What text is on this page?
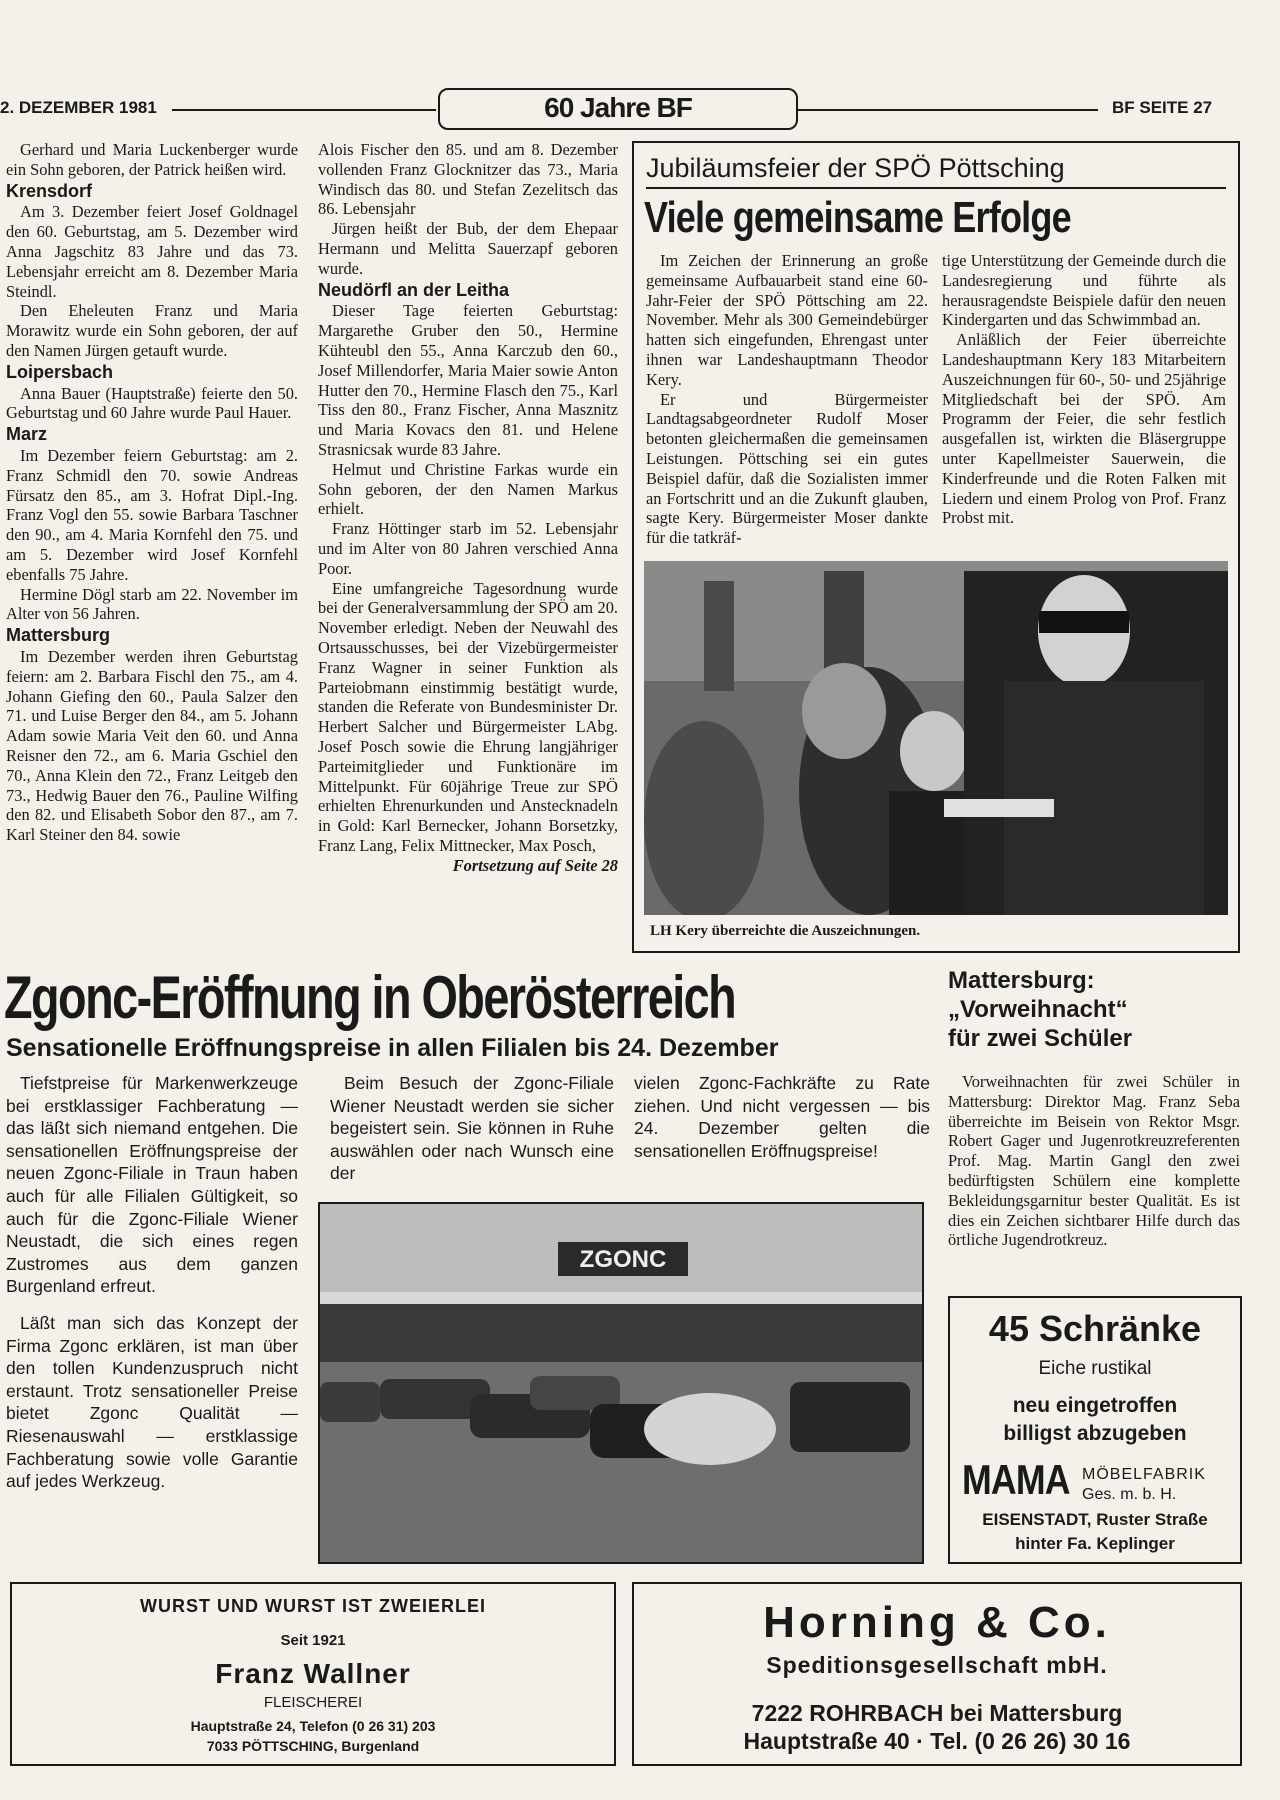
2. DEZEMBER 1981	60 Jahre BF	BF SEITE 27

Gerhard und Maria Luckenberger wurde ein Sohn geboren, der Patrick heißen wird.

Krensdorf

Am 3. Dezember feiert Josef Goldnagel den 60. Geburtstag, am 5. Dezember wird Anna Jagschitz 83 Jahre und das 73. Lebensjahr erreicht am 8. Dezember Maria Steindl.

Den Eheleuten Franz und Maria Morawitz wurde ein Sohn geboren, der auf den Namen Jürgen getauft wurde.

Loipersbach

Anna Bauer (Hauptstraße) feierte den 50. Geburtstag und 60 Jahre wurde Paul Hauer.

Marz

Im Dezember feiern Geburtstag: am 2. Franz Schmidl den 70. sowie Andreas Fürsatz den 85., am 3. Hofrat Dipl.-Ing. Franz Vogl den 55. sowie Barbara Taschner den 90., am 4. Maria Kornfehl den 75. und am 5. Dezember wird Josef Kornfehl ebenfalls 75 Jahre.

Hermine Dögl starb am 22. November im Alter von 56 Jahren.

Mattersburg

Im Dezember werden ihren Geburtstag feiern: am 2. Barbara Fischl den 75., am 4. Johann Giefing den 60., Paula Salzer den 71. und Luise Berger den 84., am 5. Johann Adam sowie Maria Veit den 60. und Anna Reisner den 72., am 6. Maria Gschiel den 70., Anna Klein den 72., Franz Leitgeb den 73., Hedwig Bauer den 76., Pauline Wilfing den 82. und Elisabeth Sobor den 87., am 7. Karl Steiner den 84. sowie

Alois Fischer den 85. und am 8. Dezember vollenden Franz Glocknitzer das 73., Maria Windisch das 80. und Stefan Zezelitsch das 86. Lebensjahr

Jürgen heißt der Bub, der dem Ehepaar Hermann und Melitta Sauerzapf geboren wurde.

Neudörfl an der Leitha

Dieser Tage feierten Geburtstag: Margarethe Gruber den 50., Hermine Kühteubl den 55., Anna Karczub den 60., Josef Millendorfer, Maria Maier sowie Anton Hutter den 70., Hermine Flasch den 75., Karl Tiss den 80., Franz Fischer, Anna Masznitz und Maria Kovacs den 81. und Helene Strasnicsak wurde 83 Jahre.

Helmut und Christine Farkas wurde ein Sohn geboren, der den Namen Markus erhielt.

Franz Höttinger starb im 52. Lebensjahr und im Alter von 80 Jahren verschied Anna Poor.

Eine umfangreiche Tagesordnung wurde bei der Generalversammlung der SPÖ am 20. November erledigt. Neben der Neuwahl des Ortsausschusses, bei der Vizebürgermeister Franz Wagner in seiner Funktion als Parteiobmann einstimmig bestätigt wurde, standen die Referate von Bundesminister Dr. Herbert Salcher und Bürgermeister LAbg. Josef Posch sowie die Ehrung langjähriger Parteimitglieder und Funktionäre im Mittelpunkt. Für 60jährige Treue zur SPÖ erhielten Ehrenurkunden und Anstecknadeln in Gold: Karl Bernecker, Johann Borsetzky, Franz Lang, Felix Mittnecker, Max Posch,

Fortsetzung auf Seite 28
Jubiläumsfeier der SPÖ Pöttsching
Viele gemeinsame Erfolge

Im Zeichen der Erinnerung an große gemeinsame Aufbauarbeit stand eine 60-Jahr-Feier der SPÖ Pöttsching am 22. November. Mehr als 300 Gemeindebürger hatten sich eingefunden, Ehrengast unter ihnen war Landeshauptmann Theodor Kery.

Er und Bürgermeister Landtagsabgeordneter Rudolf Moser betonten gleichermaßen die gemeinsamen Leistungen. Pöttsching sei ein gutes Beispiel dafür, daß die Sozialisten immer an Fortschritt und an die Zukunft glauben, sagte Kery. Bürgermeister Moser dankte für die tatkräf-

tige Unterstützung der Gemeinde durch die Landesregierung und führte als herausragendste Beispiele dafür den neuen Kindergarten und das Schwimmbad an.

Anläßlich der Feier überreichte Landeshauptmann Kery 183 Mitarbeitern Auszeichnungen für 60-, 50- und 25jährige Mitgliedschaft bei der SPÖ. Am Programm der Feier, die sehr festlich ausgefallen ist, wirkten die Bläsergruppe unter Kapellmeister Sauerwein, die Kinderfreunde und die Roten Falken mit Liedern und einem Prolog von Prof. Franz Probst mit.

LH Kery überreichte die Auszeichnungen.
Zgonc-Eröffnung in Oberösterreich
Sensationelle Eröffnungspreise in allen Filialen bis 24. Dezember

Tiefstpreise für Markenwerkzeuge bei erstklassiger Fachberatung — das läßt sich niemand entgehen. Die sensationellen Eröffnungspreise der neuen Zgonc-Filiale in Traun haben auch für alle Filialen Gültigkeit, so auch für die Zgonc-Filiale Wiener Neustadt, die sich eines regen Zustromes aus dem ganzen Burgenland erfreut.

Läßt man sich das Konzept der Firma Zgonc erklären, ist man über den tollen Kundenzuspruch nicht erstaunt. Trotz sensationeller Preise bietet Zgonc Qualität — Riesenauswahl — erstklassige Fachberatung sowie volle Garantie auf jedes Werkzeug.

Beim Besuch der Zgonc-Filiale Wiener Neustadt werden sie sicher begeistert sein. Sie können in Ruhe auswählen oder nach Wunsch eine der

vielen Zgonc-Fachkräfte zu Rate ziehen. Und nicht vergessen — bis 24. Dezember gelten die sensationellen Eröffnugspreise!

ZGONC
Mattersburg:
„Vorweihnacht“
für zwei Schüler

Vorweihnachten für zwei Schüler in Mattersburg: Direktor Mag. Franz Seba überreichte im Beisein von Rektor Msgr. Robert Gager und Jugenrotkreuzreferenten Prof. Mag. Martin Gangl den zwei bedürftigsten Schülern eine komplette Bekleidungsgarnitur bester Qualität. Es ist dies ein Zeichen sichtbarer Hilfe durch das örtliche Jugendrotkreuz.

45 Schränke
Eiche rustikal
neu eingetroffen
billigst abzugeben
MAMA MÖBELFABRIK
Ges. m. b. H.
EISENSTADT, Ruster Straße
hinter Fa. Keplinger
WURST UND WURST IST ZWEIERLEI
Seit 1921
Franz Wallner
FLEISCHEREI
Hauptstraße 24, Telefon (0 26 31) 203
7033 PÖTTSCHING, Burgenland
Horning & Co.
Speditionsgesellschaft mbH.
7222 ROHRBACH bei Mattersburg
Hauptstraße 40 · Tel. (0 26 26) 30 16
